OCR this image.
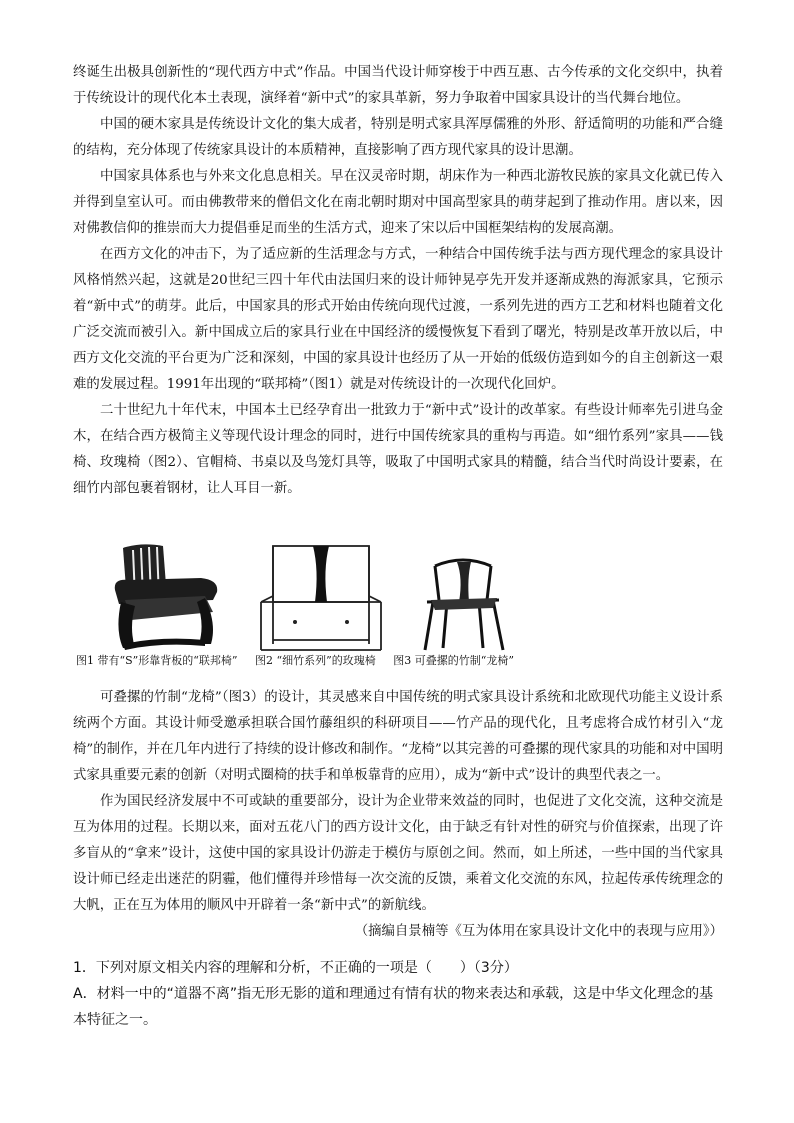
终诞生出极具创新性的“现代西方中式”作品。中国当代设计师穿梭于中西互惠、古今传承的文化交织中，执着于传统设计的现代化本土表现，演绎着“新中式”的家具革新，努力争取着中国家具设计的当代舞台地位。

中国的硬木家具是传统设计文化的集大成者，特别是明式家具浑厚儒雅的外形、舒适简明的功能和严合缝的结构，充分体现了传统家具设计的本质精神，直接影响了西方现代家具的设计思潮。

中国家具体系也与外来文化息息相关。早在汉灵帝时期，胡床作为一种西北游牧民族的家具文化就已传入并得到皇室认可。而由佛教带来的僧侣文化在南北朝时期对中国高型家具的萌芽起到了推动作用。唐以来，因对佛教信仰的推崇而大力提倡垂足而坐的生活方式，迎来了宋以后中国框架结构的发展高潮。

在西方文化的冲击下，为了适应新的生活理念与方式，一种结合中国传统手法与西方现代理念的家具设计风格悄然兴起，这就是20世纪三四十年代由法国归来的设计师钟晃亭先开发并逐渐成熟的海派家具，它预示着“新中式”的萌芽。此后，中国家具的形式开始由传统向现代过渡，一系列先进的西方工艺和材料也随着文化广泛交流而被引入。新中国成立后的家具行业在中国经济的缓慢恢复下看到了曙光，特别是改革开放以后，中西方文化交流的平台更为广泛和深刻，中国的家具设计也经历了从一开始的低级仿造到如今的自主创新这一艰难的发展过程。1991年出现的“联邦椅”（图1）就是对传统设计的一次现代化回炉。

二十世纪九十年代末，中国本土已经孕育出一批致力于“新中式”设计的改革家。有些设计师率先引进乌金木，在结合西方极简主义等现代设计理念的同时，进行中国传统家具的重构与再造。如“细竹系列”家具——钱椅、玫瑰椅（图2）、官帽椅、书桌以及鸟笼灯具等，吸取了中国明式家具的精髓，结合当代时尚设计要素，在细竹内部包裹着钢材，让人耳目一新。

图1 带有“S”形靠背板的“联邦椅” 图2 “细竹系列”的玫瑰椅 图3 可叠摞的竹制“龙椅”

可叠摞的竹制“龙椅”（图3）的设计，其灵感来自中国传统的明式家具设计系统和北欧现代功能主义设计系统两个方面。其设计师受邀承担联合国竹藤组织的科研项目——竹产品的现代化，且考虑将合成竹材引入“龙椅”的制作，并在几年内进行了持续的设计修改和制作。“龙椅”以其完善的可叠摞的现代家具的功能和对中国明式家具重要元素的创新（对明式圈椅的扶手和单板靠背的应用），成为“新中式”设计的典型代表之一。

作为国民经济发展中不可或缺的重要部分，设计为企业带来效益的同时，也促进了文化交流，这种交流是互为体用的过程。长期以来，面对五花八门的西方设计文化，由于缺乏有针对性的研究与价值探索，出现了许多盲从的“拿来”设计，这使中国的家具设计仍游走于模仿与原创之间。然而，如上所述，一些中国的当代家具设计师已经走出迷茫的阴霾，他们懂得并珍惜每一次交流的反馈，乘着文化交流的东风，拉起传承传统理念的大帆，正在互为体用的顺风中开辟着一条“新中式”的新航线。

（摘编自景楠等《互为体用在家具设计文化中的表现与应用》）

1．下列对原文相关内容的理解和分析，不正确的一项是（　　）（3分）

A．材料一中的“道器不离”指无形无影的道和理通过有情有状的物来表达和承载，这是中华文化理念的基本特征之一。
